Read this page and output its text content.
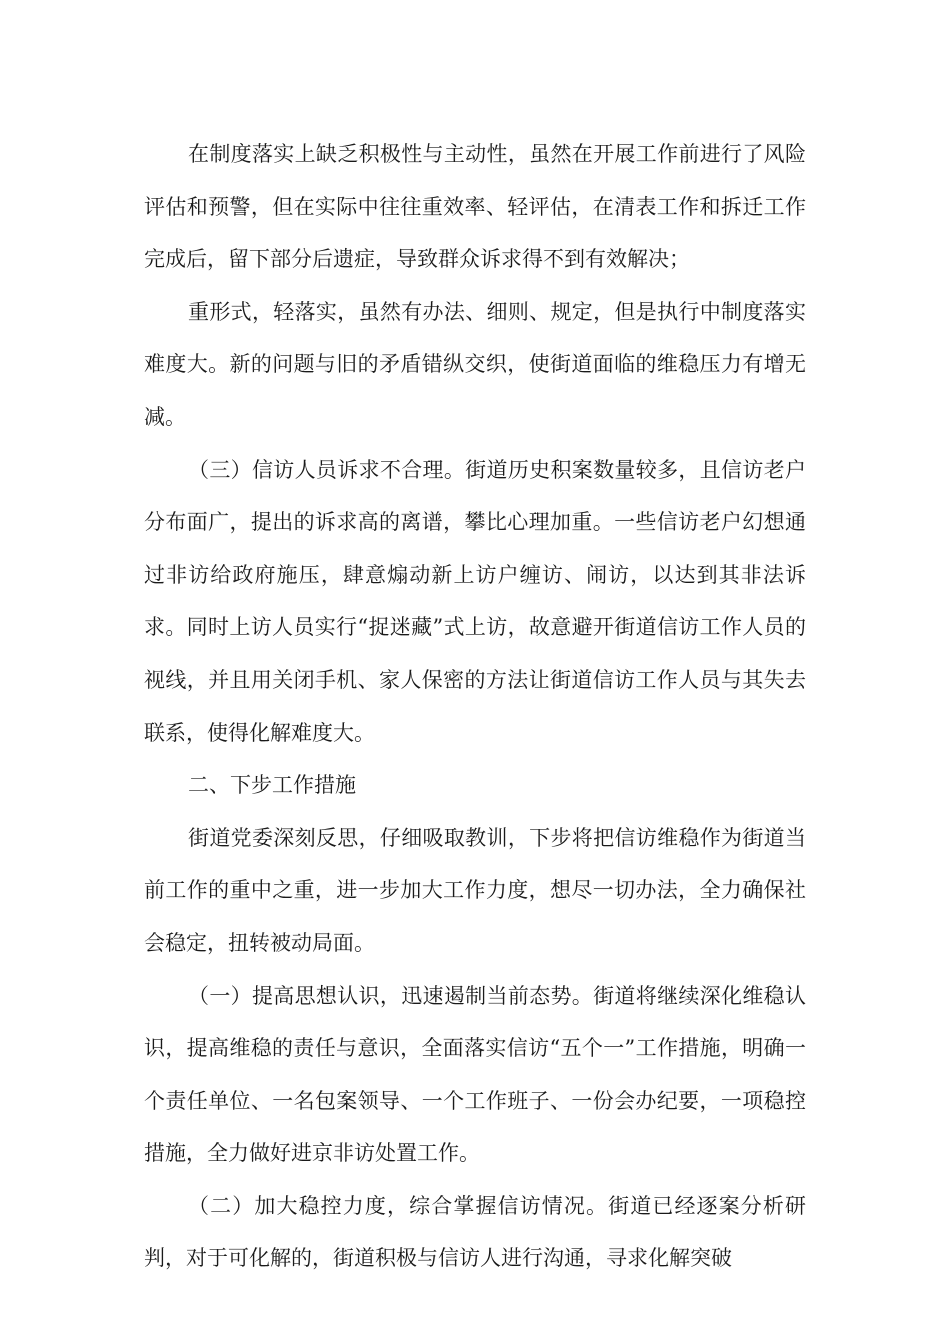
在制度落实上缺乏积极性与主动性，虽然在开展工作前进行了风险评估和预警，但在实际中往往重效率、轻评估，在清表工作和拆迁工作完成后，留下部分后遗症，导致群众诉求得不到有效解决；

重形式，轻落实，虽然有办法、细则、规定，但是执行中制度落实难度大。新的问题与旧的矛盾错纵交织，使街道面临的维稳压力有增无减。

（三）信访人员诉求不合理。街道历史积案数量较多，且信访老户分布面广，提出的诉求高的离谱，攀比心理加重。一些信访老户幻想通过非访给政府施压，肆意煽动新上访户缠访、闹访，以达到其非法诉求。同时上访人员实行“捉迷藏”式上访，故意避开街道信访工作人员的视线，并且用关闭手机、家人保密的方法让街道信访工作人员与其失去联系，使得化解难度大。

二、下步工作措施

街道党委深刻反思，仔细吸取教训，下步将把信访维稳作为街道当前工作的重中之重，进一步加大工作力度，想尽一切办法，全力确保社会稳定，扭转被动局面。

（一）提高思想认识，迅速遏制当前态势。街道将继续深化维稳认识，提高维稳的责任与意识，全面落实信访“五个一”工作措施，明确一个责任单位、一名包案领导、一个工作班子、一份会办纪要，一项稳控措施，全力做好进京非访处置工作。

（二）加大稳控力度，综合掌握信访情况。街道已经逐案分析研判，对于可化解的，街道积极与信访人进行沟通，寻求化解突破
